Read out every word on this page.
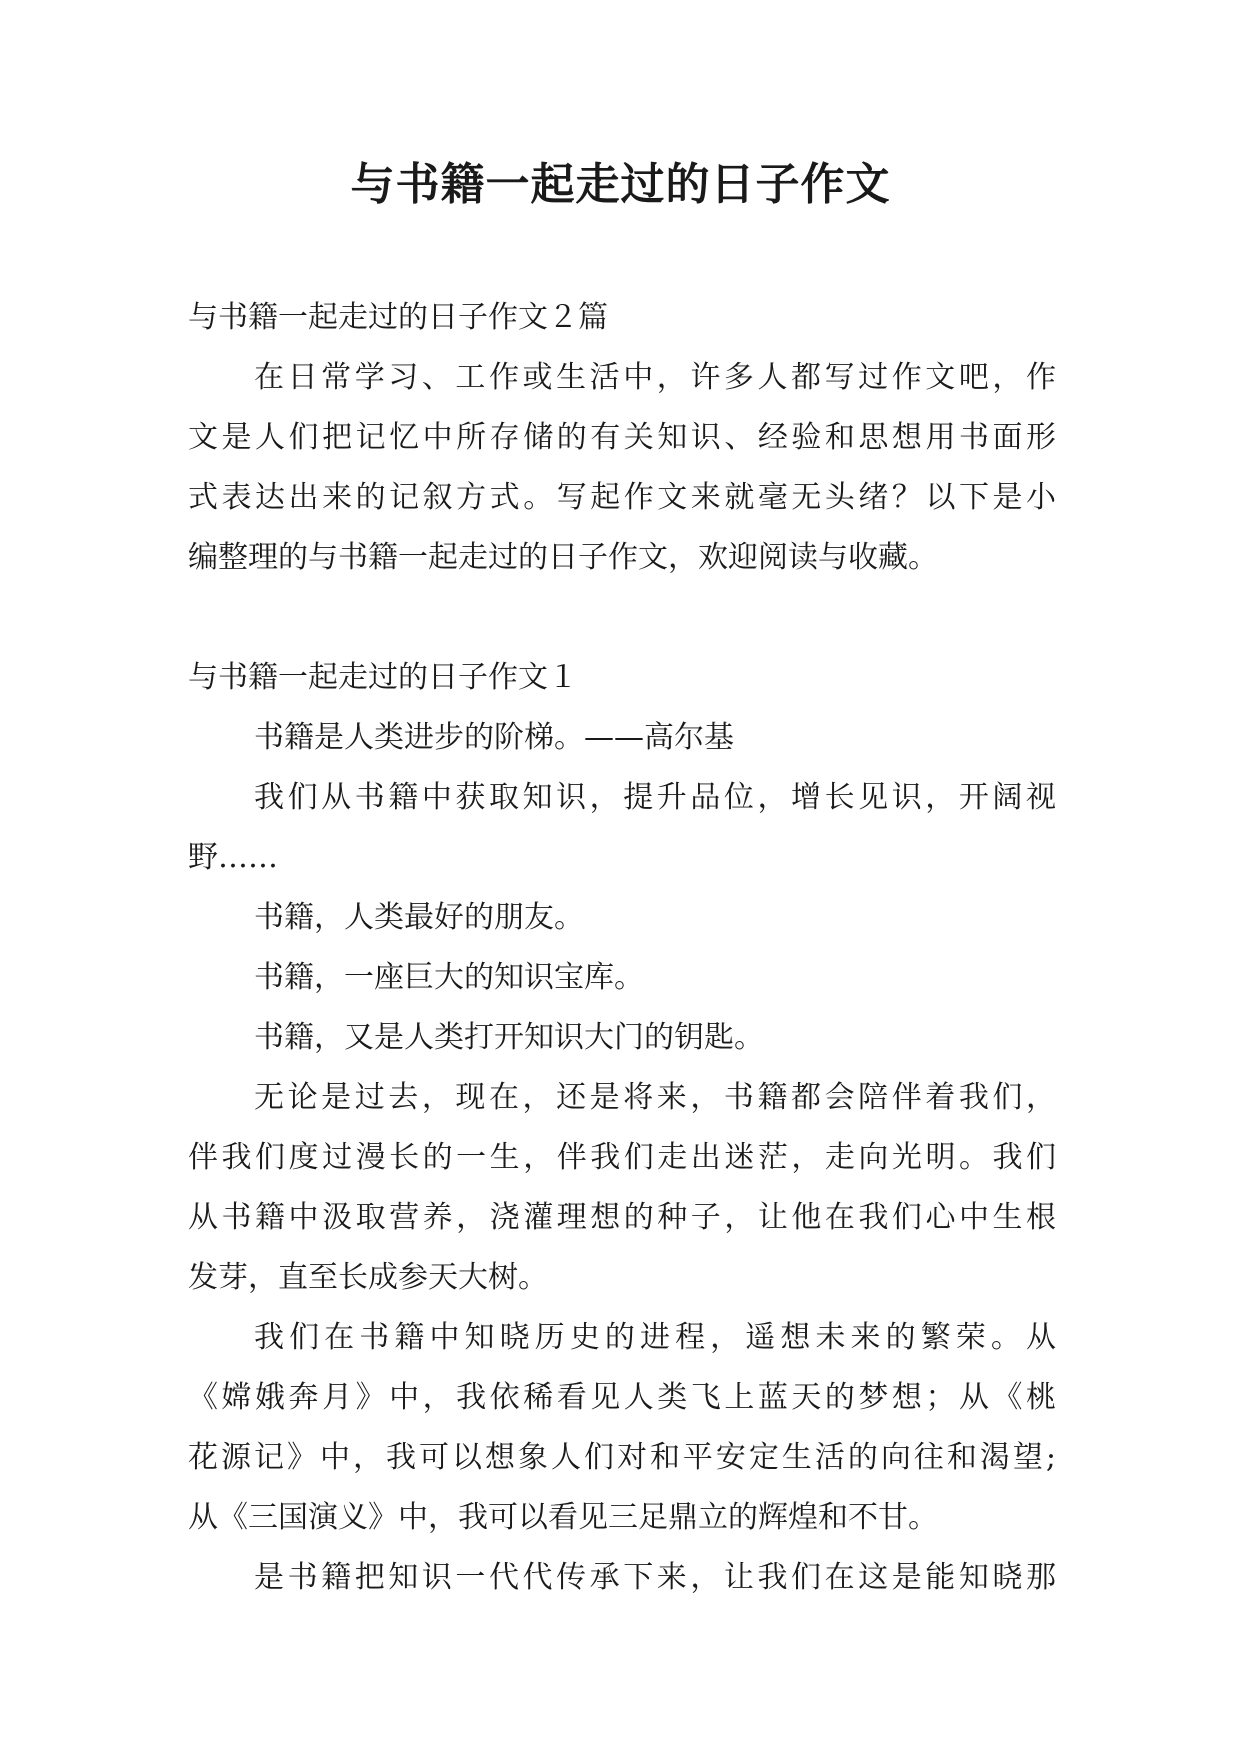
与书籍一起走过的日子作文

与书籍一起走过的日子作文２篇

在日常学习、工作或生活中，许多人都写过作文吧，作

文是人们把记忆中所存储的有关知识、经验和思想用书面形

式表达出来的记叙方式。写起作文来就毫无头绪？以下是小

编整理的与书籍一起走过的日子作文，欢迎阅读与收藏。

与书籍一起走过的日子作文１

书籍是人类进步的阶梯。——高尔基

我们从书籍中获取知识，提升品位，增长见识，开阔视

野……

书籍，人类最好的朋友。

书籍，一座巨大的知识宝库。

书籍，又是人类打开知识大门的钥匙。

无论是过去，现在，还是将来，书籍都会陪伴着我们，

伴我们度过漫长的一生，伴我们走出迷茫，走向光明。我们

从书籍中汲取营养，浇灌理想的种子，让他在我们心中生根

发芽，直至长成参天大树。

我们在书籍中知晓历史的进程，遥想未来的繁荣。从

《嫦娥奔月》中，我依稀看见人类飞上蓝天的梦想；从《桃

花源记》中，我可以想象人们对和平安定生活的向往和渴望;

从《三国演义》中，我可以看见三足鼎立的辉煌和不甘。

是书籍把知识一代代传承下来，让我们在这是能知晓那
